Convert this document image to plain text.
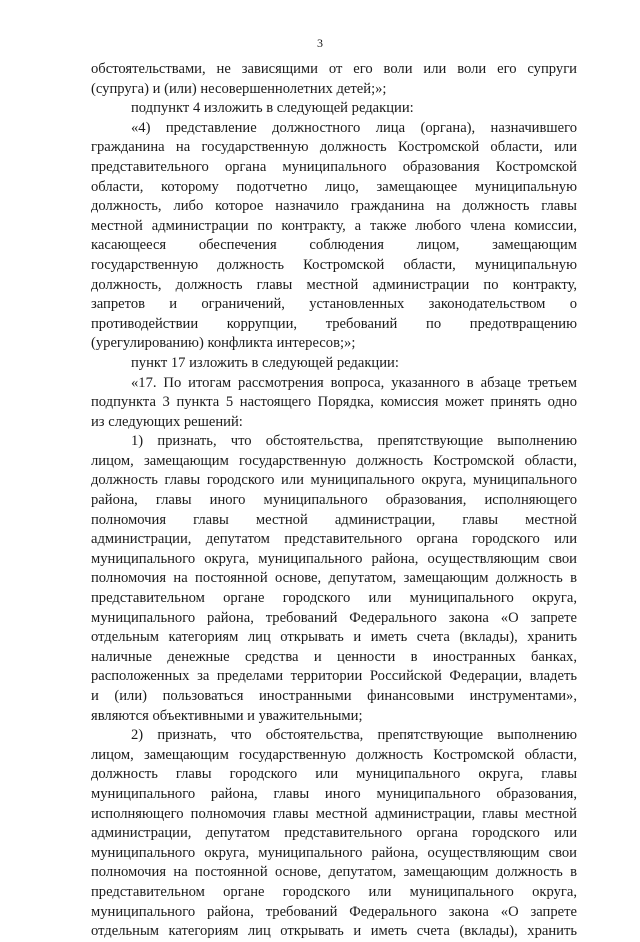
3
обстоятельствами, не зависящими от его воли или воли его супруги
(супруга) и (или) несовершеннолетних детей;»;
подпункт 4 изложить в следующей редакции:
«4) представление должностного лица (органа), назначившего
гражданина на государственную должность Костромской области, или
представительного органа муниципального образования Костромской
области, которому подотчетно лицо, замещающее муниципальную
должность, либо которое назначило гражданина на должность главы
местной администрации по контракту, а также любого члена комиссии,
касающееся обеспечения соблюдения лицом, замещающим
государственную должность Костромской области, муниципальную
должность, должность главы местной администрации по контракту,
запретов и ограничений, установленных законодательством о
противодействии коррупции, требований по предотвращению
(урегулированию) конфликта интересов;»;
пункт 17 изложить в следующей редакции:
«17. По итогам рассмотрения вопроса, указанного в абзаце третьем
подпункта 3 пункта 5 настоящего Порядка, комиссия может принять одно
из следующих решений:
1) признать, что обстоятельства, препятствующие выполнению
лицом, замещающим государственную должность Костромской области,
должность главы городского или муниципального округа, муниципального
района, главы иного муниципального образования, исполняющего
полномочия главы местной администрации, главы местной
администрации, депутатом представительного органа городского или
муниципального округа, муниципального района, осуществляющим свои
полномочия на постоянной основе, депутатом, замещающим должность в
представительном органе городского или муниципального округа,
муниципального района, требований Федерального закона «О запрете
отдельным категориям лиц открывать и иметь счета (вклады), хранить
наличные денежные средства и ценности в иностранных банках,
расположенных за пределами территории Российской Федерации, владеть
и (или) пользоваться иностранными финансовыми инструментами»,
являются объективными и уважительными;
2) признать, что обстоятельства, препятствующие выполнению
лицом, замещающим государственную должность Костромской области,
должность главы городского или муниципального округа, главы
муниципального района, главы иного муниципального образования,
исполняющего полномочия главы местной администрации, главы местной
администрации, депутатом представительного органа городского или
муниципального округа, муниципального района, осуществляющим свои
полномочия на постоянной основе, депутатом, замещающим должность в
представительном органе городского или муниципального округа,
муниципального района, требований Федерального закона «О запрете
отдельным категориям лиц открывать и иметь счета (вклады), хранить
